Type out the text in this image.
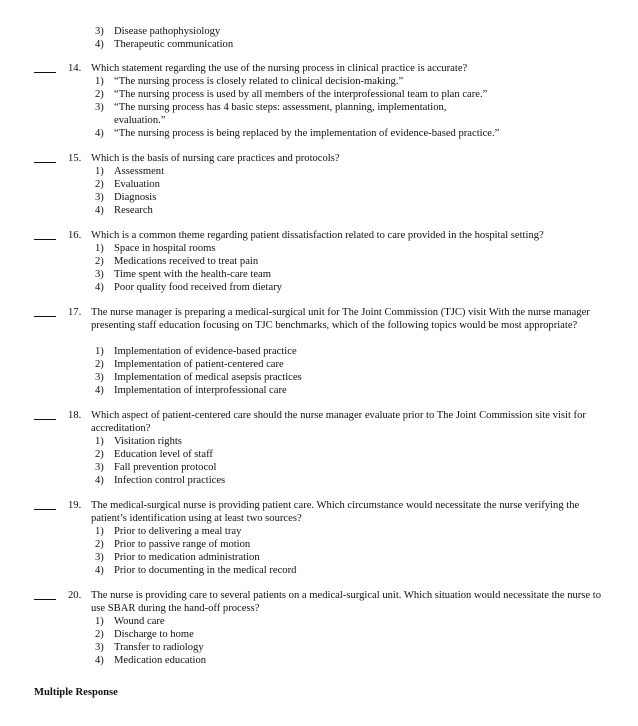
3) Disease pathophysiology
4) Therapeutic communication
14. Which statement regarding the use of the nursing process in clinical practice is accurate?
1) “The nursing process is closely related to clinical decision-making.”
2) “The nursing process is used by all members of the interprofessional team to plan care.”
3) “The nursing process has 4 basic steps: assessment, planning, implementation, evaluation.”
4) “The nursing process is being replaced by the implementation of evidence-based practice.”
15. Which is the basis of nursing care practices and protocols?
1) Assessment
2) Evaluation
3) Diagnosis
4) Research
16. Which is a common theme regarding patient dissatisfaction related to care provided in the hospital setting?
1) Space in hospital rooms
2) Medications received to treat pain
3) Time spent with the health-care team
4) Poor quality food received from dietary
17. The nurse manager is preparing a medical-surgical unit for The Joint Commission (TJC) visit With the nurse manager presenting staff education focusing on TJC benchmarks, which of the following topics would be most appropriate?
1) Implementation of evidence-based practice
2) Implementation of patient-centered care
3) Implementation of medical asepsis practices
4) Implementation of interprofessional care
18. Which aspect of patient-centered care should the nurse manager evaluate prior to The Joint Commission site visit for accreditation?
1) Visitation rights
2) Education level of staff
3) Fall prevention protocol
4) Infection control practices
19. The medical-surgical nurse is providing patient care. Which circumstance would necessitate the nurse verifying the patient’s identification using at least two sources?
1) Prior to delivering a meal tray
2) Prior to passive range of motion
3) Prior to medication administration
4) Prior to documenting in the medical record
20. The nurse is providing care to several patients on a medical-surgical unit. Which situation would necessitate the nurse to use SBAR during the hand-off process?
1) Wound care
2) Discharge to home
3) Transfer to radiology
4) Medication education
Multiple Response
